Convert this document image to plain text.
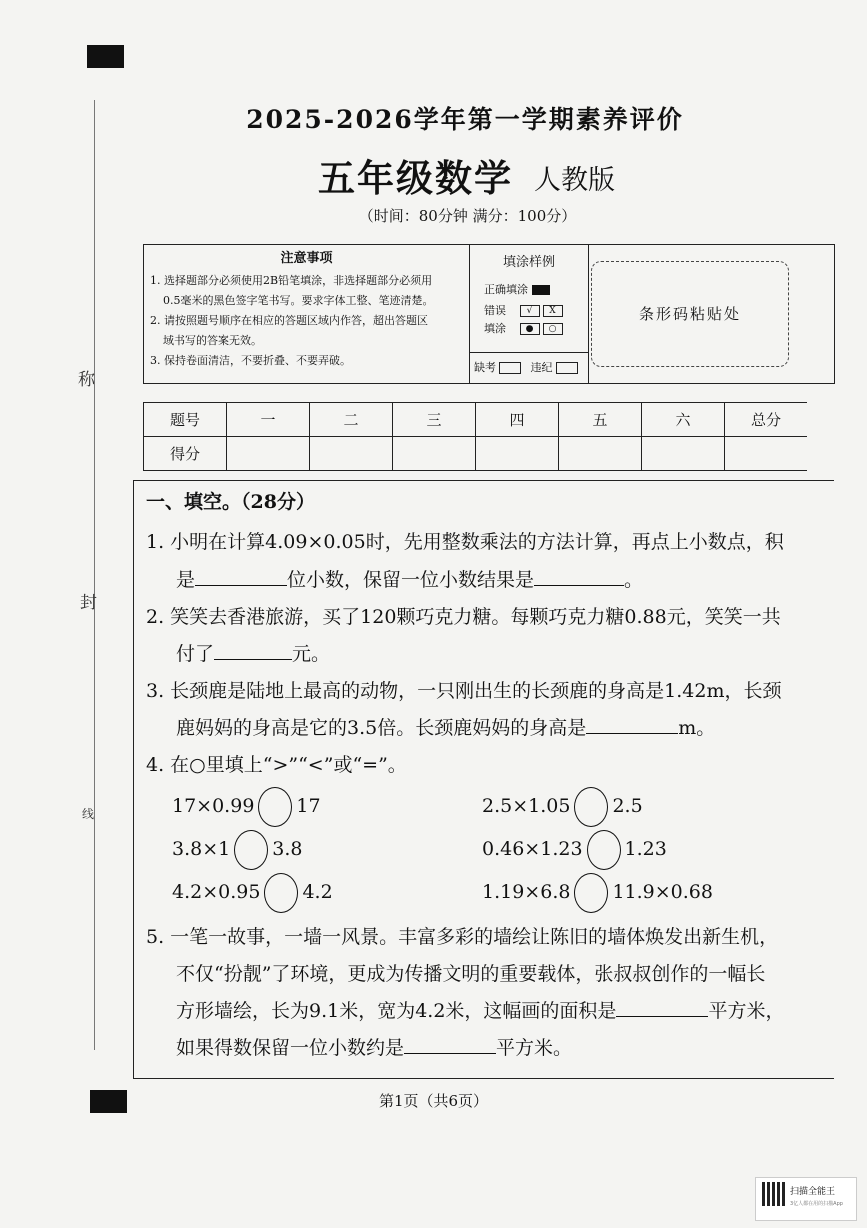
称
封
线
2025-2026学年第一学期素养评价
五年级数学 人教版
（时间：80分钟 满分：100分）
注意事项
1. 选择题部分必须使用2B铅笔填涂，非选择题部分必须用
0.5毫米的黑色签字笔书写。要求字体工整、笔迹清楚。
2. 请按照题号顺序在相应的答题区域内作答，超出答题区
域书写的答案无效。
3. 保持卷面清洁，不要折叠、不要弄破。
填涂样例
正确填涂
错误 √ X
填涂 ● ○
缺考	违纪
条形码粘贴处
题号	一	二	三	四	五	六	总分
得分							
一、填空。（28分）
1. 小明在计算4.09×0.05时，先用整数乘法的方法计算，再点上小数点，积
是	位小数，保留一位小数结果是	。
2. 笑笑去香港旅游，买了120颗巧克力糖。每颗巧克力糖0.88元，笑笑一共
付了	元。
3. 长颈鹿是陆地上最高的动物，一只刚出生的长颈鹿的身高是1.42m，长颈
鹿妈妈的身高是它的3.5倍。长颈鹿妈妈的身高是	m。
4. 在○里填上“>”“<”或“=”。
17×0.99 17	2.5×1.05 2.5
3.8×1 3.8	0.46×1.23 1.23
4.2×0.95 4.2	1.19×6.8 11.9×0.68
5. 一笔一故事，一墙一风景。丰富多彩的墙绘让陈旧的墙体焕发出新生机，
不仅“扮靓”了环境，更成为传播文明的重要载体，张叔叔创作的一幅长
方形墙绘，长为9.1米，宽为4.2米，这幅画的面积是	平方米，
如果得数保留一位小数约是	平方米。
第1页（共6页）
扫描全能王
3亿人都在用的扫描App
